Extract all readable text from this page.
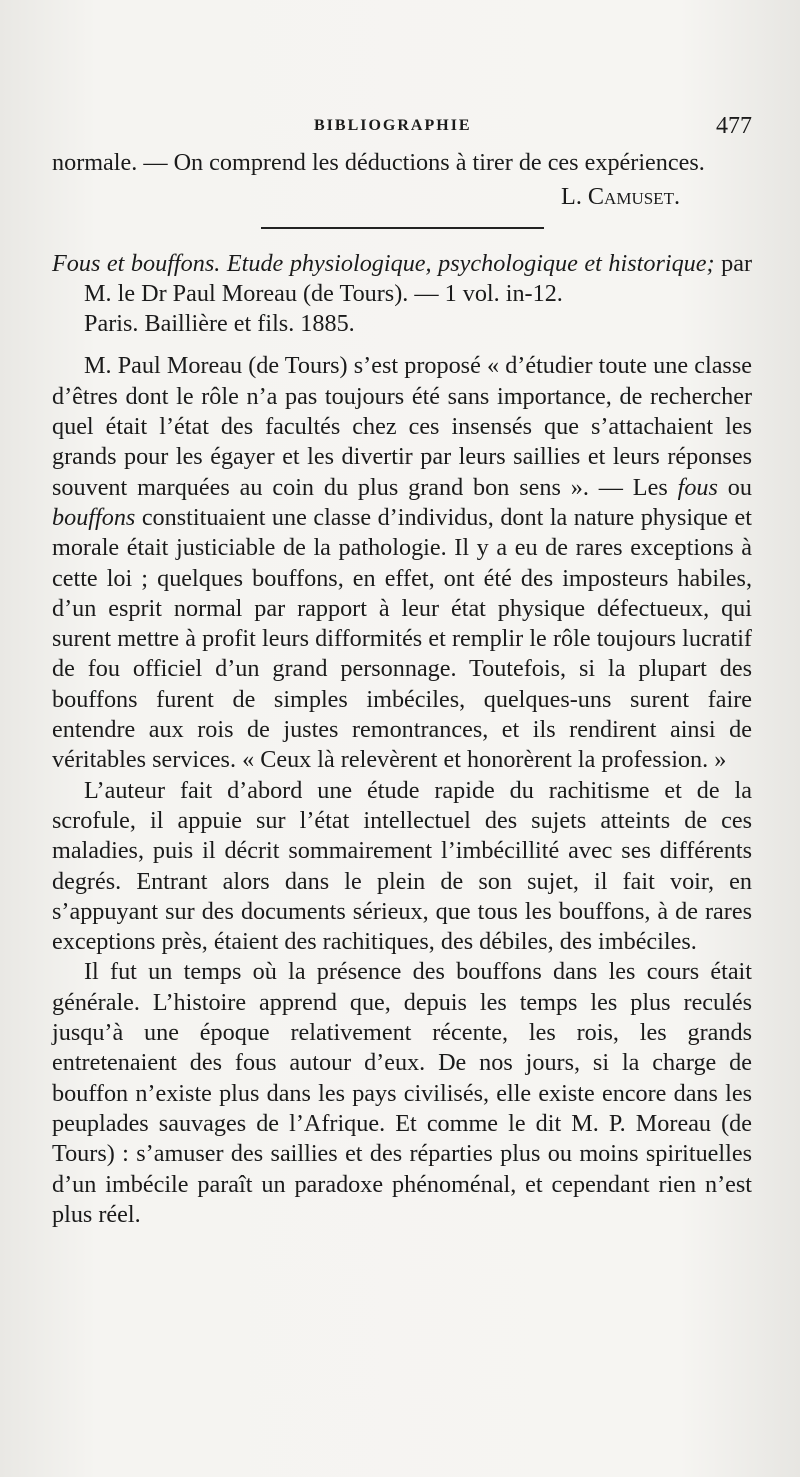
BIBLIOGRAPHIE	477

normale. — On comprend les déductions à tirer de ces expériences.

L. Camuset.

Fous et bouffons. Etude physiologique, psychologique et historique; par M. le Dr Paul Moreau (de Tours). — 1 vol. in-12.

Paris. Baillière et fils. 1885.

M. Paul Moreau (de Tours) s’est proposé « d’étudier toute une classe d’êtres dont le rôle n’a pas toujours été sans importance, de rechercher quel était l’état des facultés chez ces insensés que s’attachaient les grands pour les égayer et les divertir par leurs saillies et leurs réponses souvent marquées au coin du plus grand bon sens ». — Les fous ou bouffons constituaient une classe d’individus, dont la nature physique et morale était justiciable de la pathologie. Il y a eu de rares exceptions à cette loi ; quelques bouffons, en effet, ont été des imposteurs habiles, d’un esprit normal par rapport à leur état physique défectueux, qui surent mettre à profit leurs difformités et remplir le rôle toujours lucratif de fou officiel d’un grand personnage. Toutefois, si la plupart des bouffons furent de simples imbéciles, quelques-uns surent faire entendre aux rois de justes remontrances, et ils rendirent ainsi de véritables services. « Ceux là relevèrent et honorèrent la profession. »

L’auteur fait d’abord une étude rapide du rachitisme et de la scrofule, il appuie sur l’état intellectuel des sujets atteints de ces maladies, puis il décrit sommairement l’imbécillité avec ses différents degrés. Entrant alors dans le plein de son sujet, il fait voir, en s’appuyant sur des documents sérieux, que tous les bouffons, à de rares exceptions près, étaient des rachitiques, des débiles, des imbéciles.

Il fut un temps où la présence des bouffons dans les cours était générale. L’histoire apprend que, depuis les temps les plus reculés jusqu’à une époque relativement récente, les rois, les grands entretenaient des fous autour d’eux. De nos jours, si la charge de bouffon n’existe plus dans les pays civilisés, elle existe encore dans les peuplades sauvages de l’Afrique. Et comme le dit M. P. Moreau (de Tours) : s’amuser des saillies et des réparties plus ou moins spirituelles d’un imbécile paraît un paradoxe phénoménal, et cependant rien n’est plus réel.
